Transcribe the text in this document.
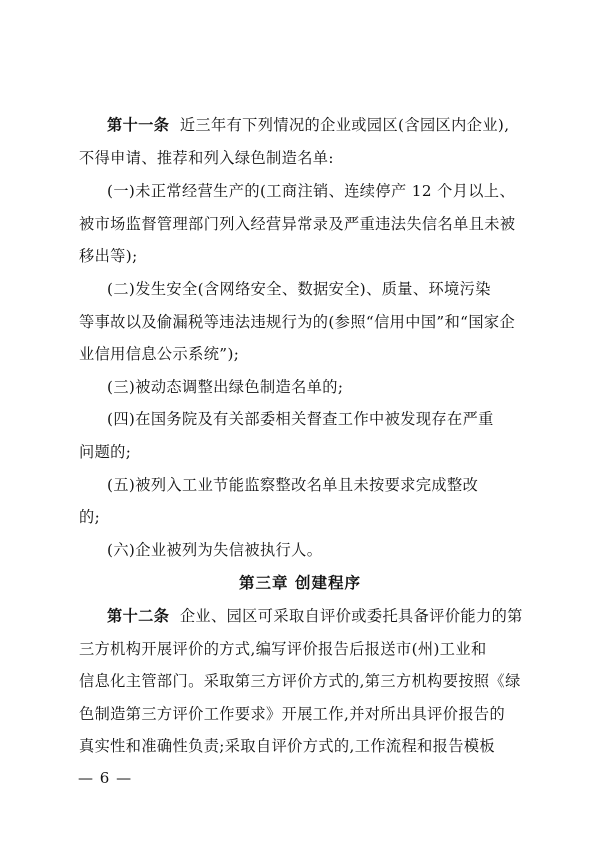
第十一条 近三年有下列情况的企业或园区(含园区内企业),
不得申请、推荐和列入绿色制造名单:
(一)未正常经营生产的(工商注销、连续停产 12 个月以上、
被市场监督管理部门列入经营异常录及严重违法失信名单且未被
移出等);
(二)发生安全(含网络安全、数据安全)、质量、环境污染
等事故以及偷漏税等违法违规行为的(参照“信用中国”和“国家企
业信用信息公示系统”);
(三)被动态调整出绿色制造名单的;
(四)在国务院及有关部委相关督查工作中被发现存在严重
问题的;
(五)被列入工业节能监察整改名单且未按要求完成整改
的;
(六)企业被列为失信被执行人。
第三章 创建程序
第十二条 企业、园区可采取自评价或委托具备评价能力的第
三方机构开展评价的方式,编写评价报告后报送市(州)工业和
信息化主管部门。采取第三方评价方式的,第三方机构要按照《绿
色制造第三方评价工作要求》开展工作,并对所出具评价报告的
真实性和准确性负责;采取自评价方式的,工作流程和报告模板
— 6 —
